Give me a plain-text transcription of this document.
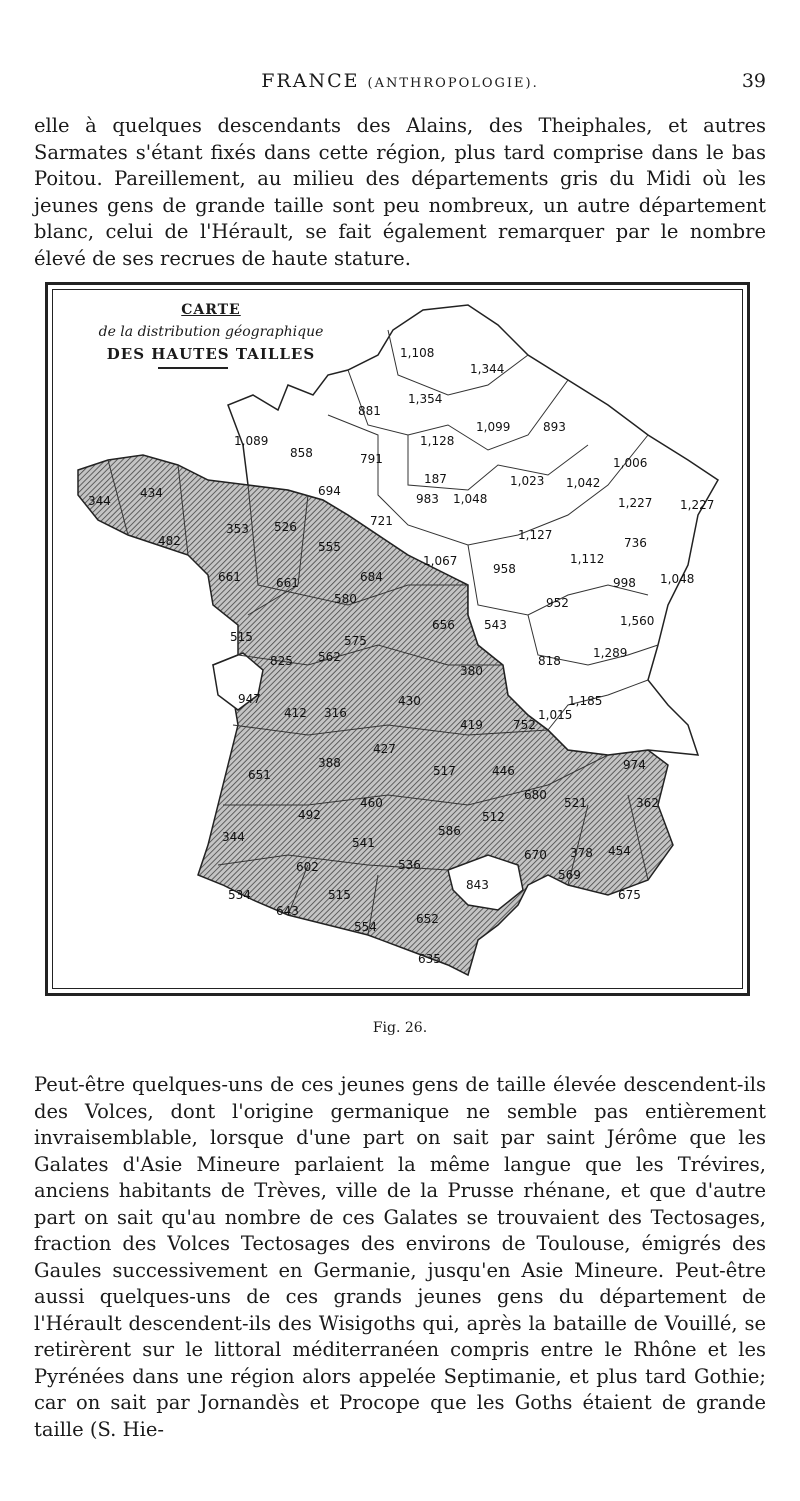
FRANCE (ANTHROPOLOGIE).	39

elle à quelques descendants des Alains, des Theiphales, et autres Sarmates s'étant fixés dans cette région, plus tard comprise dans le bas Poitou. Pareillement, au milieu des départements gris du Midi où les jeunes gens de grande taille sont peu nombreux, un autre département blanc, celui de l'Hérault, se fait également remarquer par le nombre élevé de ses recrues de haute stature.

1,108
1,344
1,354
881
1,099	893
1,128
1,089
858	791	1,006
1,023 1,042
187
983 1,048	1,227 1,227
694
721
1,127
736
1,067
958
1,112
998 1,048
952
543	1,560
818
1,289
825
947	1,185
1,015
752
974
843
344
434
482
353 526
555
661	661	684
580
656
515	575
562
380
412 316
430
419
427
388
517	446
651
460
680
521	362
492
586
512
344	541
536
670 378 454
602
569
534
643
515	675
554
652
635
CARTE
de la distribution géographique
DES HAUTES TAILLES
Fig. 26.

Peut-être quelques-uns de ces jeunes gens de taille élevée descendent-ils des Volces, dont l'origine germanique ne semble pas entièrement invraisemblable, lorsque d'une part on sait par saint Jérôme que les Galates d'Asie Mineure parlaient la même langue que les Trévires, anciens habitants de Trèves, ville de la Prusse rhénane, et que d'autre part on sait qu'au nombre de ces Galates se trouvaient des Tectosages, fraction des Volces Tectosages des environs de Toulouse, émigrés des Gaules successivement en Germanie, jusqu'en Asie Mineure. Peut-être aussi quelques-uns de ces grands jeunes gens du département de l'Hérault descendent-ils des Wisigoths qui, après la bataille de Vouillé, se retirèrent sur le littoral méditerranéen compris entre le Rhône et les Pyrénées dans une région alors appelée Septimanie, et plus tard Gothie; car on sait par Jornandès et Procope que les Goths étaient de grande taille (S. Hie-
